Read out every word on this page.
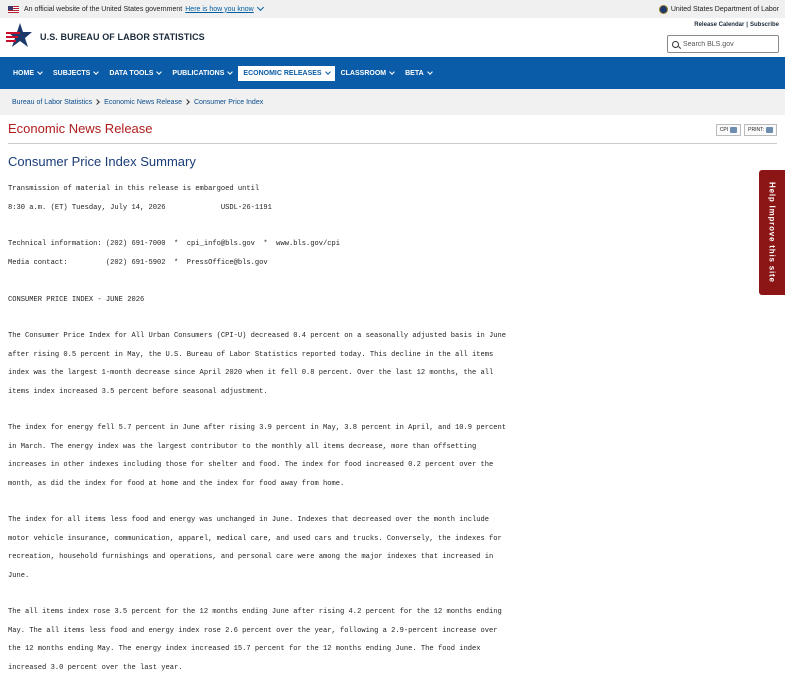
An official website of the United States government Here is how you know	United States Department of Labor
U.S. BUREAU OF LABOR STATISTICS
Release Calendar | Subscribe
Search BLS.gov
HOME	SUBJECTS	DATA TOOLS	PUBLICATIONS	ECONOMIC RELEASES	CLASSROOM	BETA
Bureau of Labor Statistics Economic News Release Consumer Price Index
Economic News Release	CPI	PRINT:
Consumer Price Index Summary

Transmission of material in this release is embargoed until

8:30 a.m. (ET) Tuesday, July 14, 2026             USDL-26-1191

Technical information: (202) 691-7000  *  cpi_info@bls.gov  *  www.bls.gov/cpi

Media contact:         (202) 691-5902  *  PressOffice@bls.gov

CONSUMER PRICE INDEX - JUNE 2026

The Consumer Price Index for All Urban Consumers (CPI-U) decreased 0.4 percent on a seasonally adjusted basis in June

after rising 0.5 percent in May, the U.S. Bureau of Labor Statistics reported today. This decline in the all items

index was the largest 1-month decrease since April 2020 when it fell 0.8 percent. Over the last 12 months, the all

items index increased 3.5 percent before seasonal adjustment.

The index for energy fell 5.7 percent in June after rising 3.9 percent in May, 3.8 percent in April, and 10.9 percent

in March. The energy index was the largest contributor to the monthly all items decrease, more than offsetting

increases in other indexes including those for shelter and food. The index for food increased 0.2 percent over the

month, as did the index for food at home and the index for food away from home.

The index for all items less food and energy was unchanged in June. Indexes that decreased over the month include

motor vehicle insurance, communication, apparel, medical care, and used cars and trucks. Conversely, the indexes for

recreation, household furnishings and operations, and personal care were among the major indexes that increased in

June.

The all items index rose 3.5 percent for the 12 months ending June after rising 4.2 percent for the 12 months ending

May. The all items less food and energy index rose 2.6 percent over the year, following a 2.9-percent increase over

the 12 months ending May. The energy index increased 15.7 percent for the 12 months ending June. The food index

increased 3.0 percent over the last year.

Help Improve this site
